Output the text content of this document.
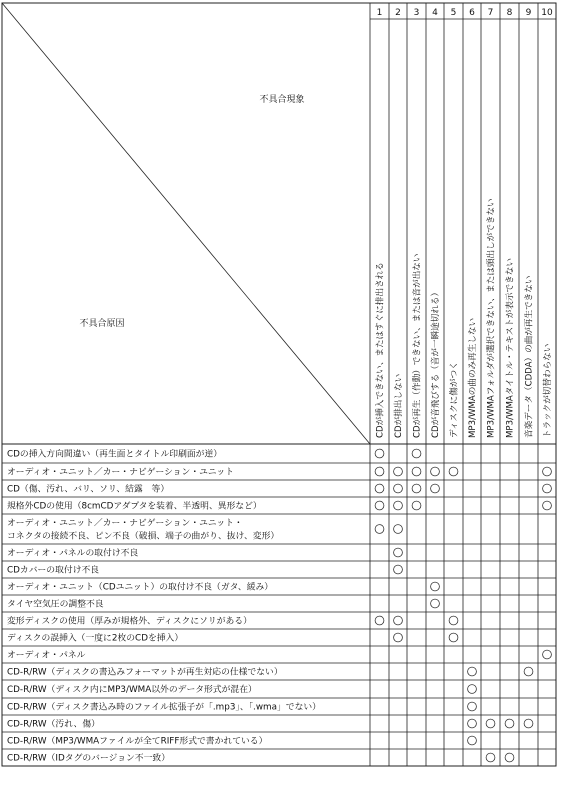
不具合現象
不具合原因
1
CDが挿入できない、またはすぐに排出される
2
CDが排出しない
3
CDが再生（作動）できない、または音が出ない
4
CDが音飛びする（音が一瞬途切れる）
5
ディスクに傷がつく
6
MP3/WMAの曲のみ再生しない
7
MP3/WMAフォルダが選択できない、または頭出しができない
8
MP3/WMAタイトル・テキストが表示できない
9
音楽データ（CDDA）の曲が再生できない
10
トラックが切替わらない
CDの挿入方向間違い（再生面とタイトル印刷面が逆）
オーディオ・ユニット／カー・ナビゲーション・ユニット
CD（傷、汚れ、バリ、ソリ、結露　等）
規格外CDの使用（8cmCDアダプタを装着、半透明、異形など）
オーディオ・ユニット／カー・ナビゲーション・ユニット・
コネクタの接続不良、ピン不良（破損、端子の曲がり、抜け、変形）
オーディオ・パネルの取付け不良
CDカバーの取付け不良
オーディオ・ユニット（CDユニット）の取付け不良（ガタ、緩み）
タイヤ空気圧の調整不良
変形ディスクの使用（厚みが規格外、ディスクにソリがある）
ディスクの誤挿入（一度に2枚のCDを挿入）
オーディオ・パネル
CD-R/RW（ディスクの書込みフォーマットが再生対応の仕様でない）
CD-R/RW（ディスク内にMP3/WMA以外のデータ形式が混在）
CD-R/RW（ディスク書込み時のファイル拡張子が「.mp3」、「.wma」でない）
CD-R/RW（汚れ、傷）
CD-R/RW（MP3/WMAファイルが全てRIFF形式で書かれている）
CD-R/RW（IDタグのバージョン不一致）
